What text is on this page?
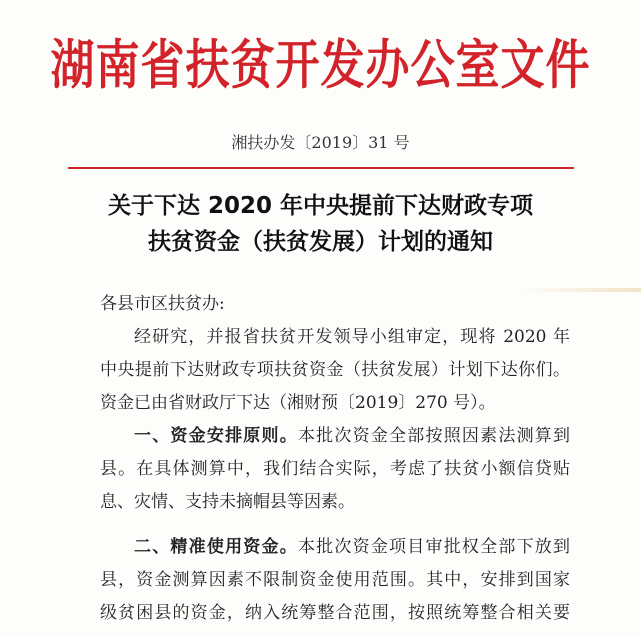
湖南省扶贫开发办公室文件
湘扶办发〔2019〕31 号
关于下达 2020 年中央提前下达财政专项
扶贫资金（扶贫发展）计划的通知

各县市区扶贫办:

经研究，并报省扶贫开发领导小组审定，现将 2020 年

中央提前下达财政专项扶贫资金（扶贫发展）计划下达你们。

资金已由省财政厅下达（湘财预〔2019〕270 号）。

一、资金安排原则。本批次资金全部按照因素法测算到

县。在具体测算中，我们结合实际，考虑了扶贫小额信贷贴

息、灾情、支持未摘帽县等因素。

二、精准使用资金。本批次资金项目审批权全部下放到

县，资金测算因素不限制资金使用范围。其中，安排到国家

级贫困县的资金，纳入统筹整合范围，按照统筹整合相关要
